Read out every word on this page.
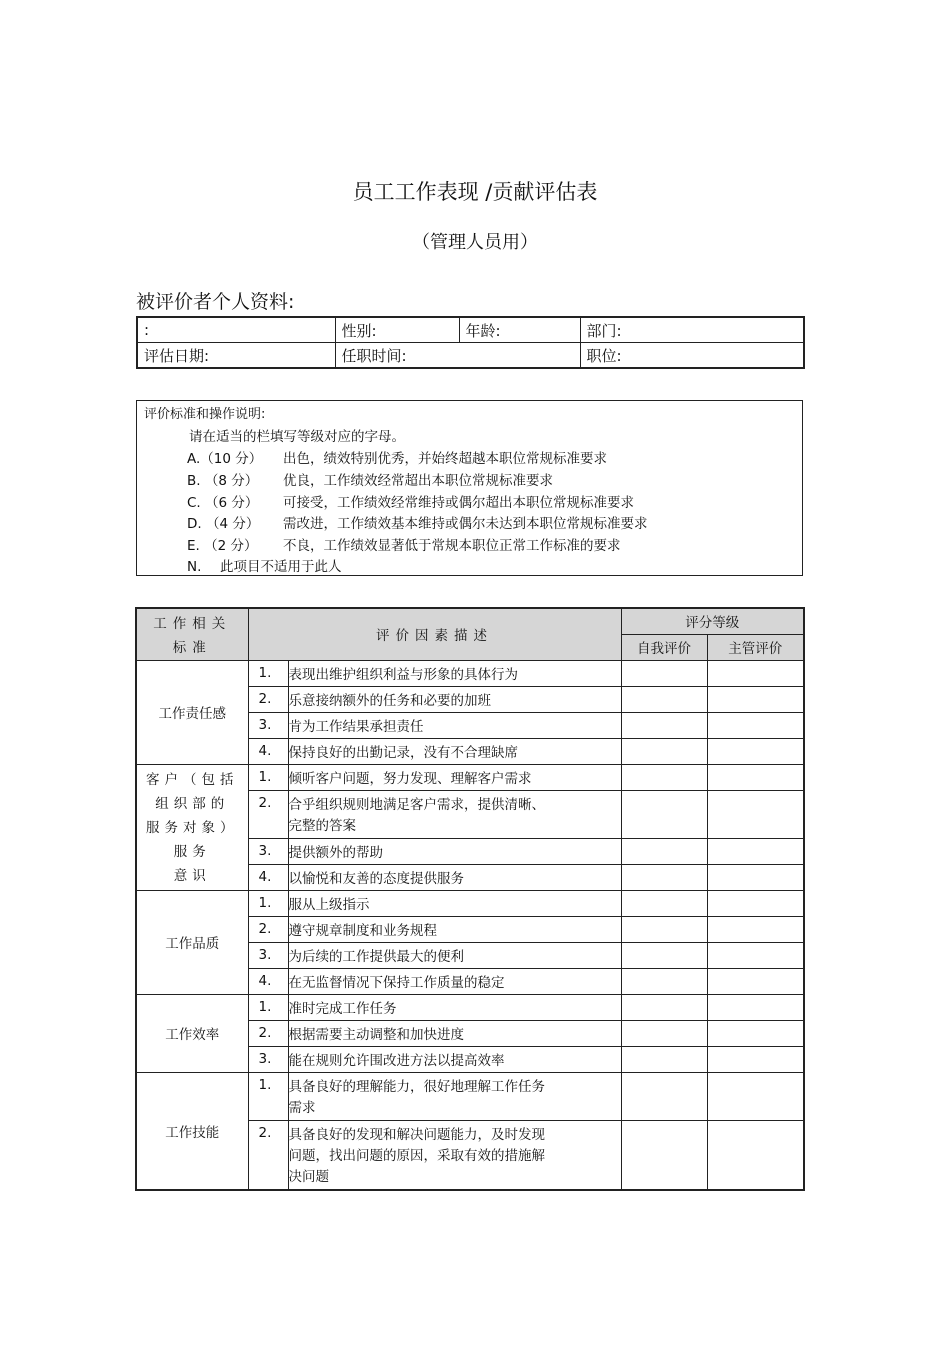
员工工作表现 /贡献评估表
（管理人员用）
被评价者个人资料:
:	性别:	年龄:	部门:
评估日期:	任职时间:		职位:
评价标准和操作说明:
请在适当的栏填写等级对应的字母。
A.（10 分） 出色，绩效特别优秀，并始终超越本职位常规标准要求
B. （8 分） 优良，工作绩效经常超出本职位常规标准要求
C. （6 分） 可接受，工作绩效经常维持或偶尔超出本职位常规标准要求
D. （4 分） 需改进，工作绩效基本维持或偶尔未达到本职位常规标准要求
E. （2 分） 不良，工作绩效显著低于常规本职位正常工作标准的要求
N. 此项目不适用于此人
工作相关
标准	评价因素描述		评分等级	
			自我评价	主管评价
工作责任感	1.	表现出维护组织利益与形象的具体行为		
	2.	乐意接纳额外的任务和必要的加班		
	3.	肯为工作结果承担责任		
	4.	保持良好的出勤记录，没有不合理缺席		

客户（包括
组织部的
服务对象）
服务
意识	1.	倾听客户问题，努力发现、理解客户需求		
	2.	合乎组织规则地满足客户需求，提供清晰、
完整的答案		

	3.	提供额外的帮助		
	4.	以愉悦和友善的态度提供服务		
工作品质	1.	服从上级指示		
	2.	遵守规章制度和业务规程		
	3.	为后续的工作提供最大的便利		
	4.	在无监督情况下保持工作质量的稳定		
工作效率	1.	准时完成工作任务		
	2.	根据需要主动调整和加快进度		
	3.	能在规则允许围改进方法以提高效率		
工作技能	1.	具备良好的理解能力，很好地理解工作任务
需求		

	2.	具备良好的发现和解决问题能力，及时发现
问题，找出问题的原因，采取有效的措施解
决问题		
